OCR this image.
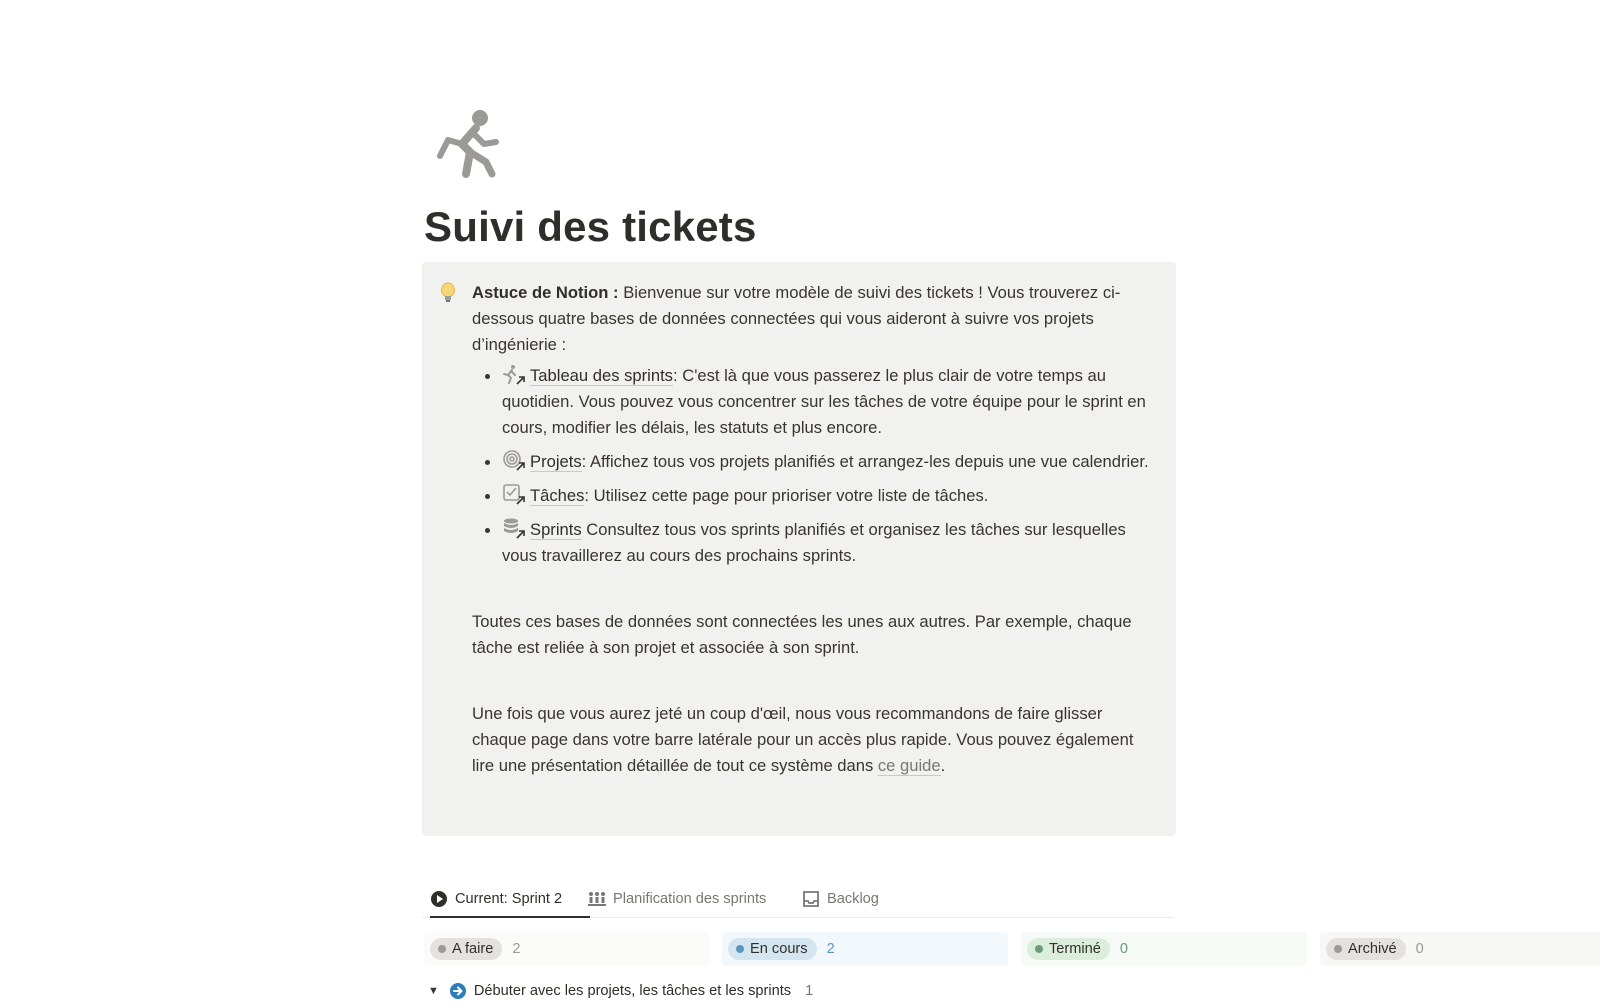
Suivi des tickets

Astuce de Notion : Bienvenue sur votre modèle de suivi des tickets ! Vous trouverez ci-dessous quatre bases de données connectées qui vous aideront à suivre vos projets d’ingénierie :

• Tableau des sprints: C'est là que vous passerez le plus clair de votre temps au quotidien. Vous pouvez vous concentrer sur les tâches de votre équipe pour le sprint en cours, modifier les délais, les statuts et plus encore.
• Projets: Affichez tous vos projets planifiés et arrangez-les depuis une vue calendrier.
• Tâches: Utilisez cette page pour prioriser votre liste de tâches.
• Sprints Consultez tous vos sprints planifiés et organisez les tâches sur lesquelles vous travaillerez au cours des prochains sprints.

Toutes ces bases de données sont connectées les unes aux autres. Par exemple, chaque tâche est reliée à son projet et associée à son sprint.

Une fois que vous aurez jeté un coup d'œil, nous vous recommandons de faire glisser chaque page dans votre barre latérale pour un accès plus rapide. Vous pouvez également lire une présentation détaillée de tout ce système dans ce guide.

Current: Sprint 2	Planification des sprints	Backlog
A faire 2	En cours 2	Terminé 0	Archivé 0
▼ Débuter avec les projets, les tâches et les sprints 1
